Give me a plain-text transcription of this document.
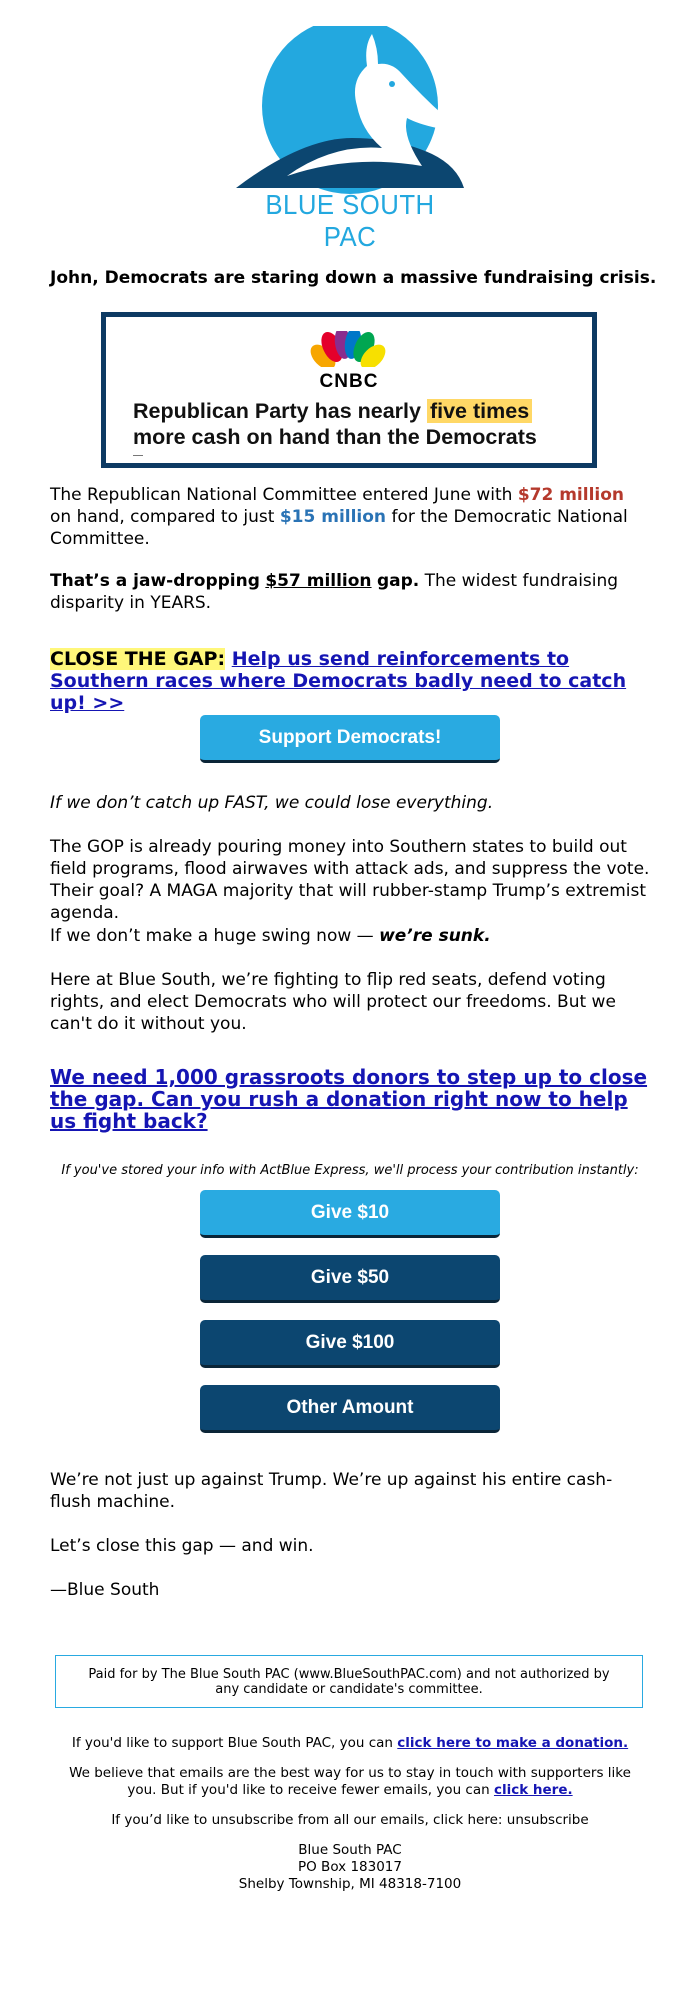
BLUE SOUTH PAC
John, Democrats are staring down a massive fundraising crisis.
CNBC
Republican Party has nearly five times more cash on hand than the Democrats
The Republican National Committee entered June with $72 million on hand, compared to just $15 million for the Democratic National Committee.
That’s a jaw-dropping $57 million gap. The widest fundraising disparity in YEARS.
CLOSE THE GAP: Help us send reinforcements to Southern races where Democrats badly need to catch up! >>
Support Democrats!
If we don’t catch up FAST, we could lose everything.
The GOP is already pouring money into Southern states to build out field programs, flood airwaves with attack ads, and suppress the vote. Their goal? A MAGA majority that will rubber-stamp Trump’s extremist agenda.
If we don’t make a huge swing now — we’re sunk.
Here at Blue South, we’re fighting to flip red seats, defend voting rights, and elect Democrats who will protect our freedoms. But we can't do it without you.
We need 1,000 grassroots donors to step up to close the gap. Can you rush a donation right now to help us fight back?
If you've stored your info with ActBlue Express, we'll process your contribution instantly:
Give $10
Give $50
Give $100
Other Amount
We’re not just up against Trump. We’re up against his entire cash-flush machine.
Let’s close this gap — and win.
—Blue South
Paid for by The Blue South PAC (www.BlueSouthPAC.com) and not authorized by any candidate or candidate's committee.
If you'd like to support Blue South PAC, you can click here to make a donation.
We believe that emails are the best way for us to stay in touch with supporters like you. But if you'd like to receive fewer emails, you can click here.
If you’d like to unsubscribe from all our emails, click here: unsubscribe
Blue South PAC
PO Box 183017
Shelby Township, MI 48318-7100
